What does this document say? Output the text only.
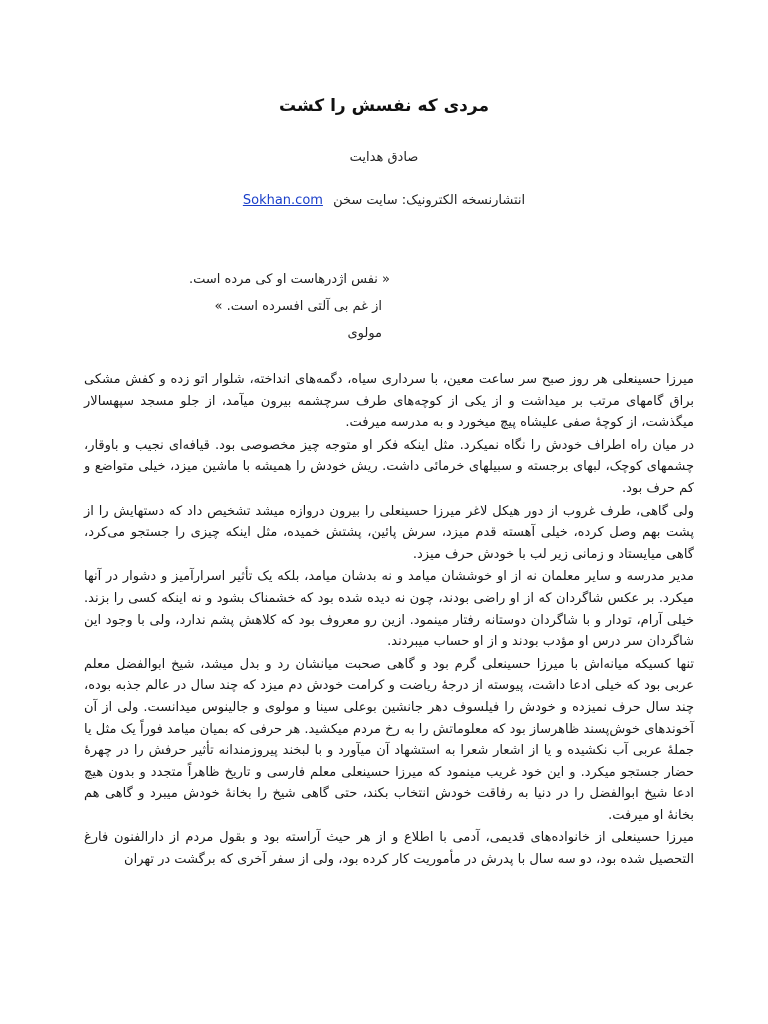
مردی که نفسش را کشت
صادق هدایت
انتشارنسخه الکترونیک: سایت سخن Sokhan.com
« نفس اژدرهاست او کی مرده است.
از غم بی آلتی افسرده است. »
مولوی

میرزا حسینعلی هر روز صبح سر ساعت معین، با سرداری سیاه، دگمه‌های انداخته، شلوار اتو زده و کفش مشکی براق گامهای مرتب بر میداشت و از یکی از کوچه‌های طرف سرچشمه بیرون میآمد، از جلو مسجد سپهسالار میگذشت، از کوچهٔ صفی علیشاه پیچ میخورد و به مدرسه میرفت.

در میان راه اطراف خودش را نگاه نمیکرد. مثل اینکه فکر او متوجه چیز مخصوصی بود. قیافه‌ای نجیب و باوقار، چشمهای کوچک، لبهای برجسته و سبیلهای خرمائی داشت. ریش خودش را همیشه با ماشین میزد، خیلی متواضع و کم حرف بود.

ولی گاهی، طرف غروب از دور هیکل لاغر میرزا حسینعلی را بیرون دروازه میشد تشخیص داد که دستهایش را از پشت بهم وصل کرده، خیلی آهسته قدم میزد، سرش پائین، پشتش خمیده، مثل اینکه چیزی را جستجو می‌کرد، گاهی میایستاد و زمانی زیر لب با خودش حرف میزد.

مدیر مدرسه و سایر معلمان نه از او خوششان میامد و نه بدشان میامد، بلکه یک تأثیر اسرارآمیز و دشوار در آنها میکرد. بر عکس شاگردان که از او راضی بودند، چون نه دیده شده بود که خشمناک بشود و نه اینکه کسی را بزند. خیلی آرام، تودار و با شاگردان دوستانه رفتار مینمود. ازین رو معروف بود که کلاهش پشم ندارد، ولی با وجود این شاگردان سر درس او مؤدب بودند و از او حساب میبردند.

تنها کسیکه میانه‌اش با میرزا حسینعلی گرم بود و گاهی صحبت میانشان رد و بدل میشد، شیخ ابوالفضل معلم عربی بود که خیلی ادعا داشت، پیوسته از درجهٔ ریاضت و کرامت خودش دم میزد که چند سال در عالم جذبه بوده، چند سال حرف نمیزده و خودش را فیلسوف دهر جانشین بوعلی سینا و مولوی و جالینوس میدانست. ولی از آن آخوندهای خوش‌پسند ظاهرساز بود که معلوماتش را به رخ مردم میکشید. هر حرفی که بمیان میامد فوراً یک مثل یا جملهٔ عربی آب نکشیده و یا از اشعار شعرا به استشهاد آن میآورد و با لبخند پیروزمندانه تأثیر حرفش را در چهرهٔ حضار جستجو میکرد. و این خود غریب مینمود که میرزا حسینعلی معلم فارسی و تاریخ ظاهراً متجدد و بدون هیچ ادعا شیخ ابوالفضل را در دنیا به رفاقت خودش انتخاب بکند، حتی گاهی شیخ را بخانهٔ خودش میبرد و گاهی هم بخانهٔ او میرفت.

میرزا حسینعلی از خانواده‌های قدیمی، آدمی با اطلاع و از هر حیث آراسته بود و بقول مردم از دارالفنون فارغ التحصیل شده بود، دو سه سال با پدرش در مأموریت کار کرده بود، ولی از سفر آخری که برگشت در تهران
